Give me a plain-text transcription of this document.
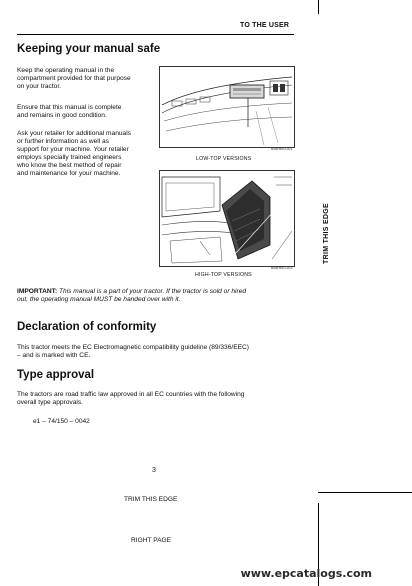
TO THE USER
Keeping your manual safe
Keep the operating manual in the
compartment provided for that purpose
on your tractor.
Ensure that this manual is complete
and remains in good condition.
Ask your retailer for additional manuals
or further information as well as
support for your machine. Your retailer
employs specially trained engineers
who know the best method of repair
and maintenance for your machine.
808HBCO01
LOW-TOP VERSIONS
808HBCO03
HIGH-TOP VERSIONS
TRIM THIS EDGE
IMPORTANT: This manual is a part of your tractor. If the tractor is sold or hired
out, the operating manual MUST be handed over with it.
Declaration of conformity
This tractor meets the EC Electromagnetic compatibility guideline (89/336/EEC)
– and is marked with CE.
Type approval
The tractors are road traffic law approved in all EC countries with the following
overall type approvals.
e1 – 74/150 – 0042
3
TRIM THIS EDGE
RIGHT PAGE
www.epcatalogs.com
